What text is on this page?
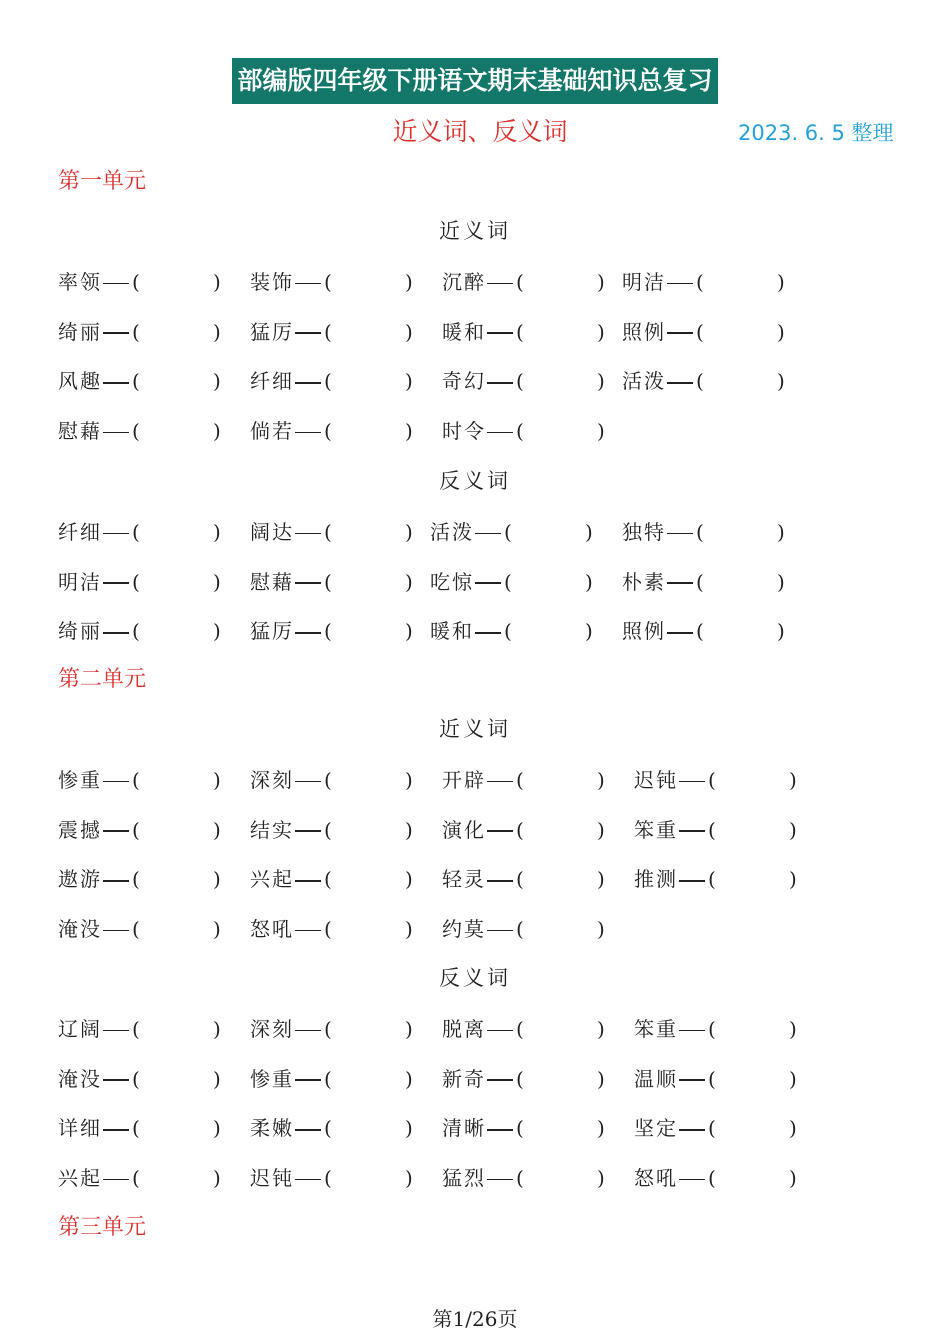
部编版四年级下册语文期末基础知识总复习
近义词、反义词	2023. 6. 5 整理
第一单元
近义词
率领 (	) 装饰 (	) 沉醉 (	) 明洁 (	)
绮丽 (	) 猛厉 (	) 暖和 (	) 照例 (	)
风趣 (	) 纤细 (	) 奇幻 (	) 活泼 (	)
慰藉 (	) 倘若 (	) 时令 (	)
反义词
纤细 (	) 阔达 (	) 活泼 (	) 独特 (	)
明洁 (	) 慰藉 (	) 吃惊 (	) 朴素 (	)
绮丽 (	) 猛厉 (	) 暖和 (	) 照例 (	)
第二单元
近义词
惨重 (	) 深刻 (	) 开辟 (	) 迟钝 (	)
震撼 (	) 结实 (	) 演化 (	) 笨重 (	)
遨游 (	) 兴起 (	) 轻灵 (	) 推测 (	)
淹没 (	) 怒吼 (	) 约莫 (	)
反义词
辽阔 (	) 深刻 (	) 脱离 (	) 笨重 (	)
淹没 (	) 惨重 (	) 新奇 (	) 温顺 (	)
详细 (	) 柔嫩 (	) 清晰 (	) 坚定 (	)
兴起 (	) 迟钝 (	) 猛烈 (	) 怒吼 (	)
第三单元
第1/26页
